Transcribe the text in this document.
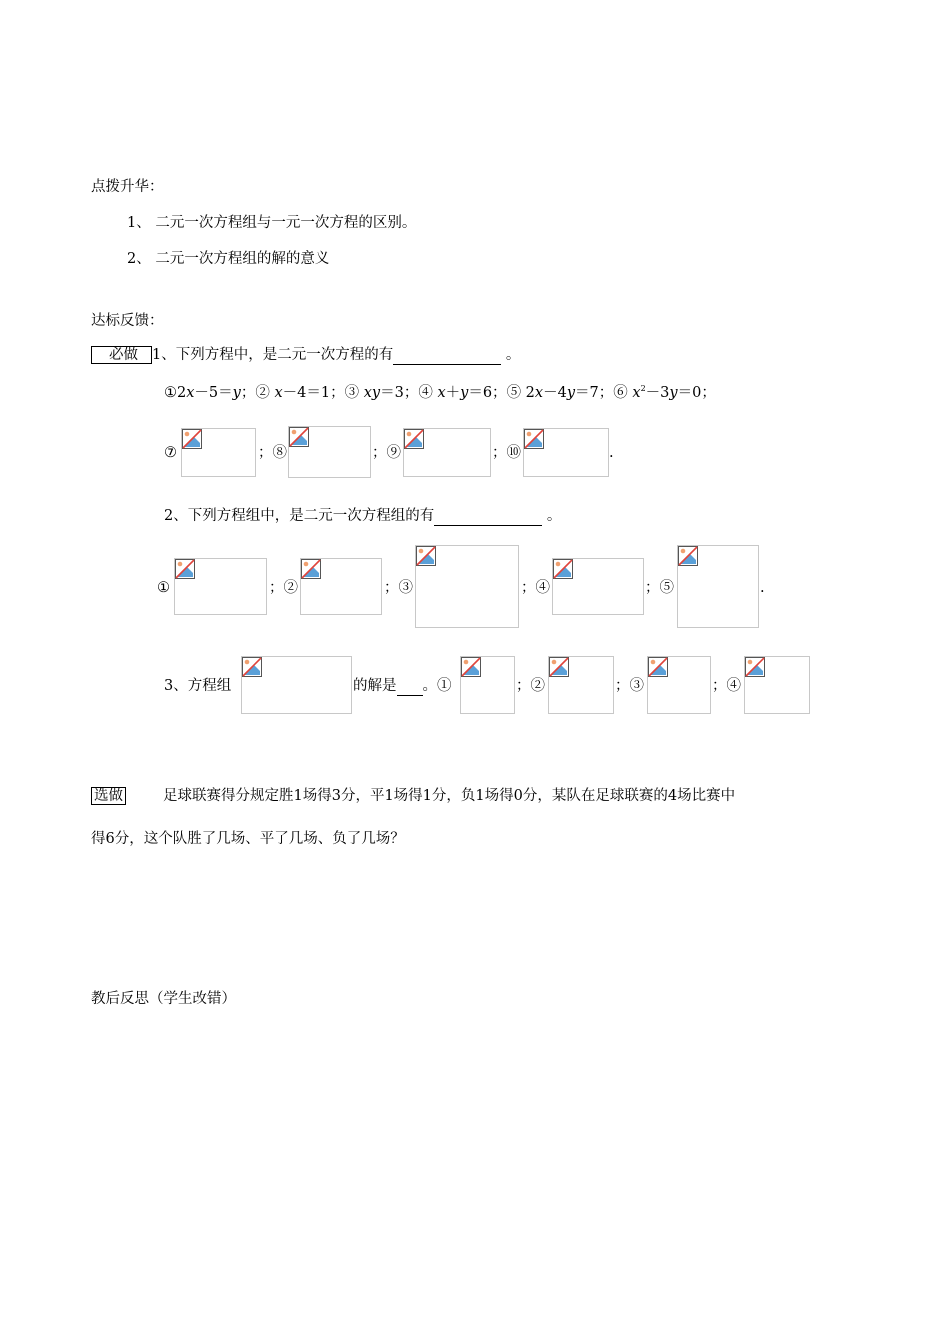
点拨升华：
1、 二元一次方程组与一元一次方程的区别。
2、 二元一次方程组的解的意义
达标反馈：
必做 1、下列方程中，是二元一次方程的有	。
①2x－5＝y；② x－4＝1；③ xy＝3；④ x＋y＝6；⑤ 2x－4y＝7；⑥ $x^2-3y=0$；
⑦	；⑧	；⑨	；⑩	.
2、下列方程组中，是二元一次方程组的有	。
①	；②	；③	；④	；⑤	.
3、方程组	的解是 。①	；②	；③	；④
选做	足球联赛得分规定胜1场得3分，平1场得1分，负1场得0分，某队在足球联赛的4场比赛中
得6分，这个队胜了几场、平了几场、负了几场？
教后反思（学生改错）
